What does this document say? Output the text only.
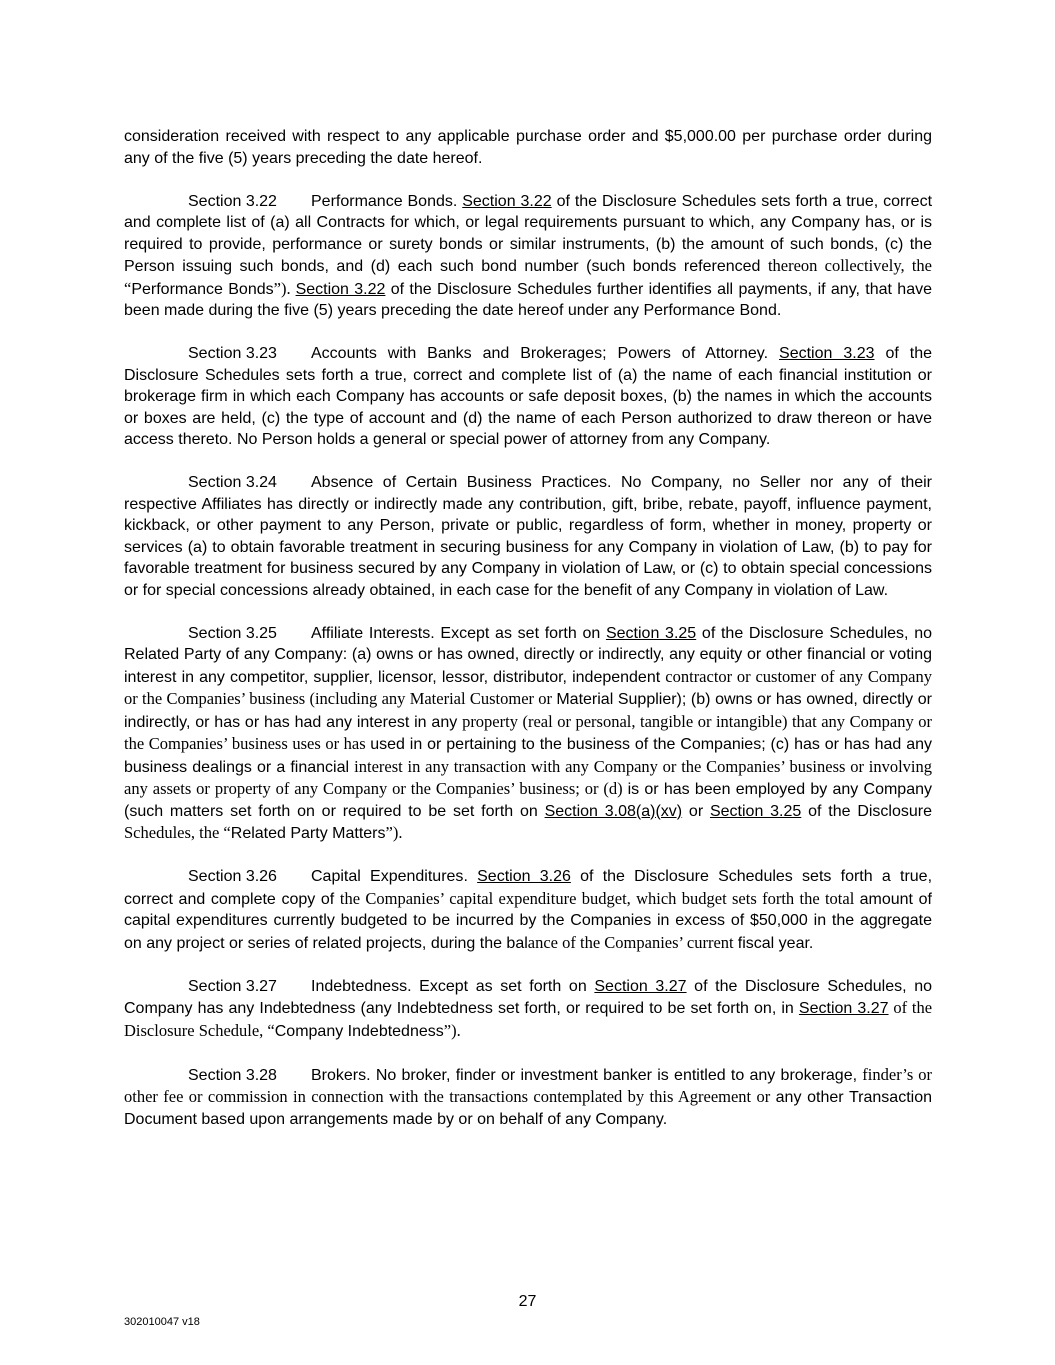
consideration received with respect to any applicable purchase order and $5,000.00 per purchase order during any of the five (5) years preceding the date hereof.

Section 3.22 Performance Bonds. Section 3.22 of the Disclosure Schedules sets forth a true, correct and complete list of (a) all Contracts for which, or legal requirements pursuant to which, any Company has, or is required to provide, performance or surety bonds or similar instruments, (b) the amount of such bonds, (c) the Person issuing such bonds, and (d) each such bond number (such bonds referenced thereon collectively, the “Performance Bonds”). Section 3.22 of the Disclosure Schedules further identifies all payments, if any, that have been made during the five (5) years preceding the date hereof under any Performance Bond.

Section 3.23 Accounts with Banks and Brokerages; Powers of Attorney. Section 3.23 of the Disclosure Schedules sets forth a true, correct and complete list of (a) the name of each financial institution or brokerage firm in which each Company has accounts or safe deposit boxes, (b) the names in which the accounts or boxes are held, (c) the type of account and (d) the name of each Person authorized to draw thereon or have access thereto. No Person holds a general or special power of attorney from any Company.

Section 3.24 Absence of Certain Business Practices. No Company, no Seller nor any of their respective Affiliates has directly or indirectly made any contribution, gift, bribe, rebate, payoff, influence payment, kickback, or other payment to any Person, private or public, regardless of form, whether in money, property or services (a) to obtain favorable treatment in securing business for any Company in violation of Law, (b) to pay for favorable treatment for business secured by any Company in violation of Law, or (c) to obtain special concessions or for special concessions already obtained, in each case for the benefit of any Company in violation of Law.

Section 3.25 Affiliate Interests. Except as set forth on Section 3.25 of the Disclosure Schedules, no Related Party of any Company: (a) owns or has owned, directly or indirectly, any equity or other financial or voting interest in any competitor, supplier, licensor, lessor, distributor, independent contractor or customer of any Company or the Companies’ business (including any Material Customer or Material Supplier); (b) owns or has owned, directly or indirectly, or has or has had any interest in any property (real or personal, tangible or intangible) that any Company or the Companies’ business uses or has used in or pertaining to the business of the Companies; (c) has or has had any business dealings or a financial interest in any transaction with any Company or the Companies’ business or involving any assets or property of any Company or the Companies’ business; or (d) is or has been employed by any Company (such matters set forth on or required to be set forth on Section 3.08(a)(xv) or Section 3.25 of the Disclosure Schedules, the “Related Party Matters”).

Section 3.26 Capital Expenditures. Section 3.26 of the Disclosure Schedules sets forth a true, correct and complete copy of the Companies’ capital expenditure budget, which budget sets forth the total amount of capital expenditures currently budgeted to be incurred by the Companies in excess of $50,000 in the aggregate on any project or series of related projects, during the balance of the Companies’ current fiscal year.

Section 3.27 Indebtedness. Except as set forth on Section 3.27 of the Disclosure Schedules, no Company has any Indebtedness (any Indebtedness set forth, or required to be set forth on, in Section 3.27 of the Disclosure Schedule, “Company Indebtedness”).

Section 3.28 Brokers. No broker, finder or investment banker is entitled to any brokerage, finder’s or other fee or commission in connection with the transactions contemplated by this Agreement or any other Transaction Document based upon arrangements made by or on behalf of any Company.

27
302010047 v18
